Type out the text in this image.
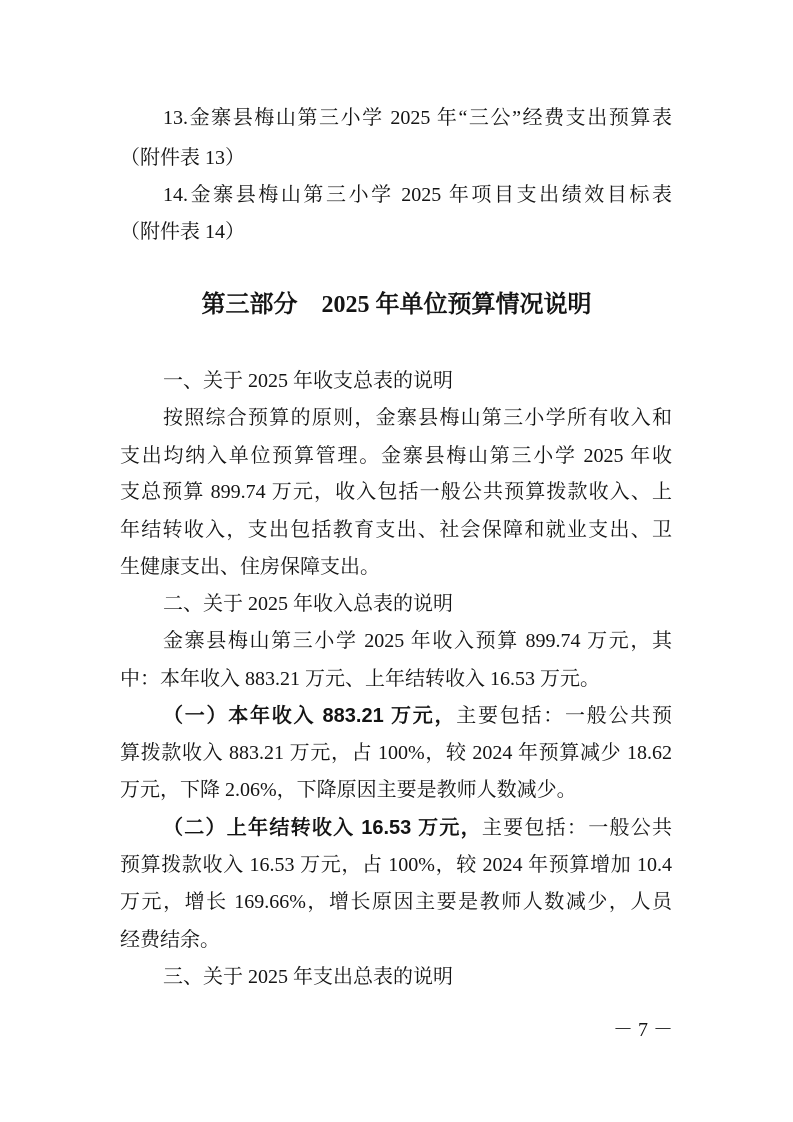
13.金寨县梅山第三小学 2025 年“三公”经费支出预算表
（附件表 13）
14.金寨县梅山第三小学 2025 年项目支出绩效目标表
（附件表 14）
第三部分　2025 年单位预算情况说明
一、关于 2025 年收支总表的说明
按照综合预算的原则，金寨县梅山第三小学所有收入和
支出均纳入单位预算管理。金寨县梅山第三小学 2025 年收
支总预算 899.74 万元，收入包括一般公共预算拨款收入、上
年结转收入，支出包括教育支出、社会保障和就业支出、卫
生健康支出、住房保障支出。
二、关于 2025 年收入总表的说明
金寨县梅山第三小学 2025 年收入预算 899.74 万元，其
中：本年收入 883.21 万元、上年结转收入 16.53 万元。
（一）本年收入 883.21 万元，主要包括：一般公共预
算拨款收入 883.21 万元，占 100%，较 2024 年预算减少 18.62
万元，下降 2.06%，下降原因主要是教师人数减少。
（二）上年结转收入 16.53 万元，主要包括：一般公共
预算拨款收入 16.53 万元，占 100%，较 2024 年预算增加 10.4
万元，增长 169.66%，增长原因主要是教师人数减少，人员
经费结余。
三、关于 2025 年支出总表的说明
－ 7 －
